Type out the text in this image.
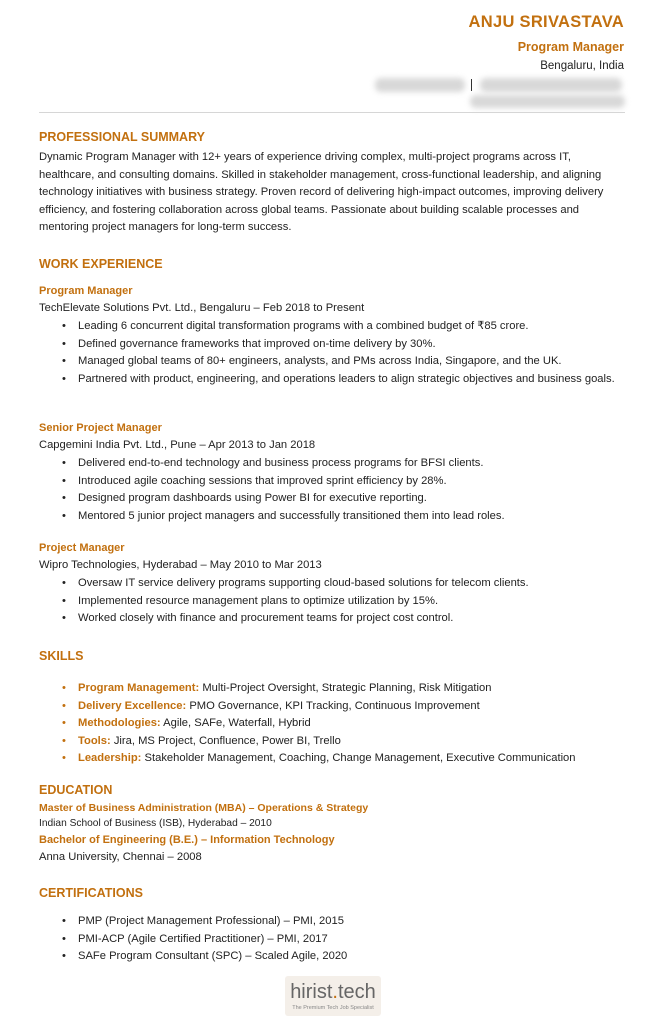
ANJU SRIVASTAVA
Program Manager
Bengaluru, India
PROFESSIONAL SUMMARY
Dynamic Program Manager with 12+ years of experience driving complex, multi-project programs across IT, healthcare, and consulting domains. Skilled in stakeholder management, cross-functional leadership, and aligning technology initiatives with business strategy. Proven record of delivering high-impact outcomes, improving delivery efficiency, and fostering collaboration across global teams. Passionate about building scalable processes and mentoring project managers for long-term success.
WORK EXPERIENCE
Program Manager
TechElevate Solutions Pvt. Ltd., Bengaluru – Feb 2018 to Present
• Leading 6 concurrent digital transformation programs with a combined budget of ₹85 crore.
• Defined governance frameworks that improved on-time delivery by 30%.
• Managed global teams of 80+ engineers, analysts, and PMs across India, Singapore, and the UK.
• Partnered with product, engineering, and operations leaders to align strategic objectives and business goals.
Senior Project Manager
Capgemini India Pvt. Ltd., Pune – Apr 2013 to Jan 2018
• Delivered end-to-end technology and business process programs for BFSI clients.
• Introduced agile coaching sessions that improved sprint efficiency by 28%.
• Designed program dashboards using Power BI for executive reporting.
• Mentored 5 junior project managers and successfully transitioned them into lead roles.
Project Manager
Wipro Technologies, Hyderabad – May 2010 to Mar 2013
• Oversaw IT service delivery programs supporting cloud-based solutions for telecom clients.
• Implemented resource management plans to optimize utilization by 15%.
• Worked closely with finance and procurement teams for project cost control.
SKILLS
• Program Management: Multi-Project Oversight, Strategic Planning, Risk Mitigation
• Delivery Excellence: PMO Governance, KPI Tracking, Continuous Improvement
• Methodologies: Agile, SAFe, Waterfall, Hybrid
• Tools: Jira, MS Project, Confluence, Power BI, Trello
• Leadership: Stakeholder Management, Coaching, Change Management, Executive Communication
EDUCATION
Master of Business Administration (MBA) – Operations & Strategy
Indian School of Business (ISB), Hyderabad – 2010
Bachelor of Engineering (B.E.) – Information Technology
Anna University, Chennai – 2008
CERTIFICATIONS
• PMP (Project Management Professional) – PMI, 2015
• PMI-ACP (Agile Certified Practitioner) – PMI, 2017
• SAFe Program Consultant (SPC) – Scaled Agile, 2020
hirist.tech
The Premium Tech Job Specialist
